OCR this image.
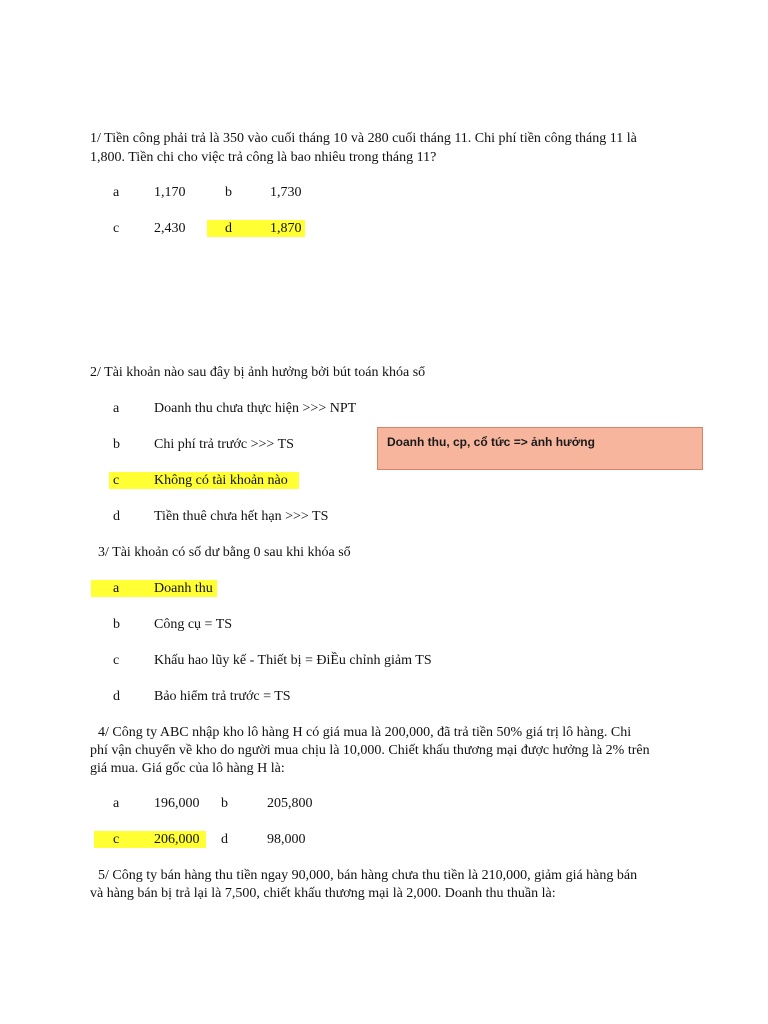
1/ Tiền công phải trả là 350 vào cuối tháng 10 và 280 cuối tháng 11. Chi phí tiền công tháng 11 là
1,800. Tiền chi cho việc trả công là bao nhiêu trong tháng 11?
a 1,170	b	1,730
c 2,430	d	1,870
2/ Tài khoản nào sau đây bị ảnh hưởng bởi bút toán khóa sổ
a Doanh thu chưa thực hiện >>> NPT
b Chi phí trả trước >>> TS	Doanh thu, cp, cổ tức => ảnh hưởng
c Không có tài khoản nào
d Tiền thuê chưa hết hạn >>> TS
3/ Tài khoản có số dư bằng 0 sau khi khóa sổ
a Doanh thu
b Công cụ = TS
c Khấu hao lũy kế - Thiết bị = ĐiỀu chỉnh giảm TS
d Bảo hiểm trả trước = TS
4/ Công ty ABC nhập kho lô hàng H có giá mua là 200,000, đã trả tiền 50% giá trị lô hàng. Chi
phí vận chuyển về kho do người mua chịu là 10,000. Chiết khấu thương mại được hưởng là 2% trên
giá mua. Giá gốc của lô hàng H là:
a 196,000 b	205,800
c 206,000 d	98,000
5/ Công ty bán hàng thu tiền ngay 90,000, bán hàng chưa thu tiền là 210,000, giảm giá hàng bán
và hàng bán bị trả lại là 7,500, chiết khấu thương mại là 2,000. Doanh thu thuần là:
